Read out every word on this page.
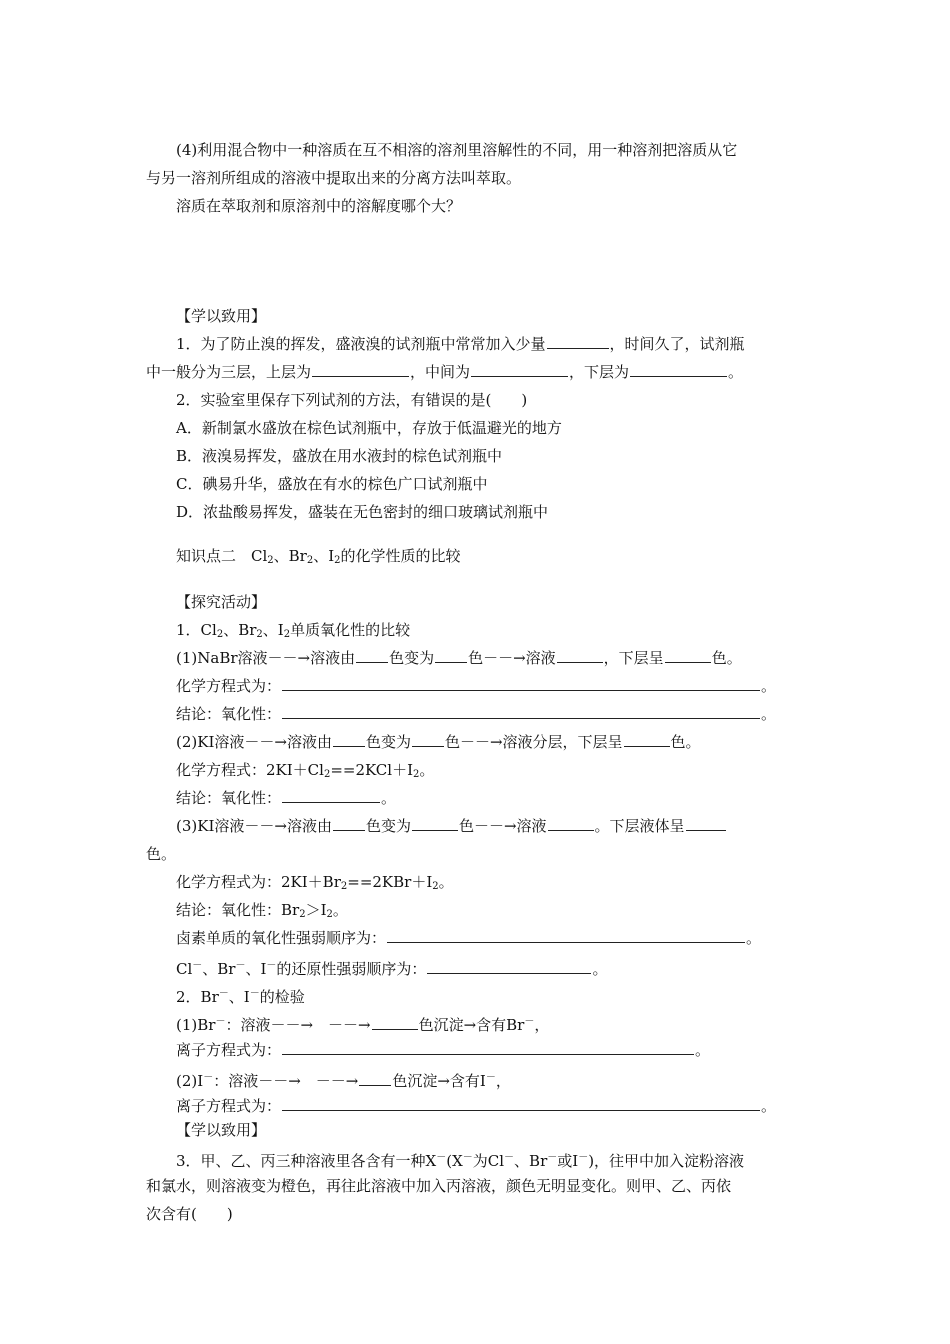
(4)利用混合物中一种溶质在互不相溶的溶剂里溶解性的不同，用一种溶剂把溶质从它
与另一溶剂所组成的溶液中提取出来的分离方法叫萃取。
溶质在萃取剂和原溶剂中的溶解度哪个大？
【学以致用】
1．为了防止溴的挥发，盛液溴的试剂瓶中常常加入少量	，时间久了，试剂瓶
中一般分为三层，上层为	，中间为	，下层为	。
2．实验室里保存下列试剂的方法，有错误的是(　　)
A．新制氯水盛放在棕色试剂瓶中，存放于低温避光的地方
B．液溴易挥发，盛放在用水液封的棕色试剂瓶中
C．碘易升华，盛放在有水的棕色广口试剂瓶中
D．浓盐酸易挥发，盛装在无色密封的细口玻璃试剂瓶中
知识点二　$Cl_2$、$Br_2$、$I_2$的化学性质的比较
【探究活动】
1．$Cl_2$、$Br_2$、$I_2$单质氧化性的比较
(1)NaBr溶液－－→溶液由 色变为 色－－→溶液	，下层呈	色。
化学方程式为：	。
结论：氧化性：	。
(2)KI溶液－－→溶液由 色变为 色－－→溶液分层，下层呈	色。
化学方程式：$2KI+Cl_2==2KCl+I_2$。
结论：氧化性：	。
(3)KI溶液－－→溶液由 色变为	色－－→溶液	。下层液体呈
色。
化学方程式为：$2KI+Br_2==2KBr+I_2$。
结论：氧化性：$Br_2>I_2$。
卤素单质的氧化性强弱顺序为：	。
Cl－、Br－、I－的还原性强弱顺序为：	。
2．Br－、I－的检验
(1)Br－：溶液－－→　－－→	色沉淀→含有Br－，
离子方程式为：	。
(2)I－：溶液－－→　－－→ 色沉淀→含有I－，
离子方程式为：	。
【学以致用】
3．甲、乙、丙三种溶液里各含有一种X－(X－为Cl－、Br－或I－)，往甲中加入淀粉溶液
和氯水，则溶液变为橙色，再往此溶液中加入丙溶液，颜色无明显变化。则甲、乙、丙依
次含有(　　)
